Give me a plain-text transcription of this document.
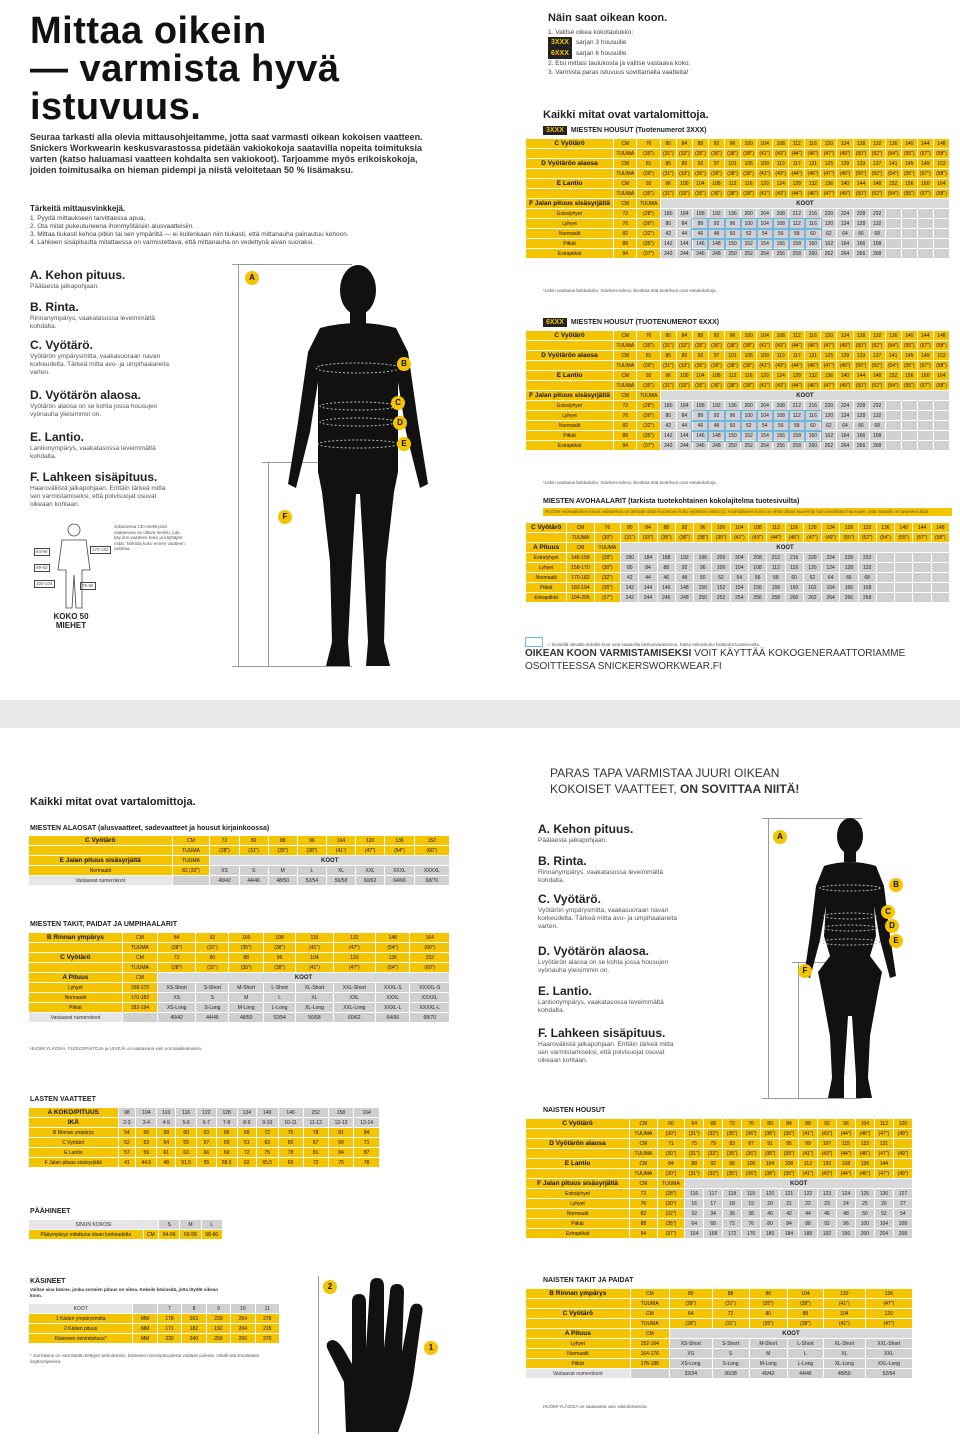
Mittaa oikein
— varmista hyvä
istuvuus.

Seuraa tarkasti alla olevia mittausohjeitamme, jotta saat varmasti oikean kokoisen vaatteen. Snickers Workwearin keskusvarastossa pidetään vakiokokoja saatavilla nopeita toimituksia varten (katso haluamasi vaatteen kohdalta sen vakiokoot). Tarjoamme myös erikoiskokoja, joiden toimitusaika on hieman pidempi ja niistä veloitetaan 50 % lisämaksu.

Tärkeitä mittausvinkkejä.
1. Pyydä mittaukseen tarvittaessa apua.
2. Ota mitat pukeutuneena ihonmyötäisiin alusvaatteisiin.
3. Mittaa tiukasti kehoa pitkin tai sen ympäriltä — ei kuitenkaan niin tiukasti, että mittanauha painautuu kehoon.
4. Lahkeen sisäpituutta mitattaessa on varmistettava, että mittanauha on vedettynä aivan suoraksi.

A. Kehon pituus.

Päälaesta jalkapohjaan.

B. Rinta.

Rinnanympärys, vaakatasossa leveimmältä kohdalta.

C. Vyötärö.

Vyötärön ympärysmitta, vaakasuoraan navan korkeudelta. Tärkeä mitta avo- ja umpihaalareita varten.

D. Vyötärön alaosa.

Vyötärön alaosa on se kohta jossa housujen vyönauha yleisimmin on.

E. Lantio.

Lantionympärys, vaakatasossa leveimmältä kohdalta.

F. Lahkeen sisäpituus.

Haaroväliistä jalkapohjaan. Erittäin tärkeä mitta sen varmistamiseksi, että polvisuojat osuvat oikeaan kohtaan.

Jokaisessa CE-merkityssä vaatteessa on oltava merkki, jota käy ilmi vaatteen koko ja käyttäjän mitat. Tarkista koko ennen vaatteen valintaa.
84-88
89-93
100-104
170-182
79-85
KOKO 50
MIEHET
A
B
C
D
E
F
Näin saat oikean koon.
1. Valitse oikea kokotaulukko:
3XXX sarjan 3 housuille
6XXX sarjan 6 housuille
2. Etsi mittasi taulukosta ja valitse vastaava koko.
3. Varmista paras istuvuus sovittamalla vaatteita!
Kaikki mitat ovat vartalomittoja.
3XXX MIESTEN HOUSUT (Tuotenumerot 3XXX)
C Vyötärö	CM	76	80	84	88	92	96	100	104	108	112	116	120	124	128	132	136	140	144	148
	TUUMA	(30")	(31")	(33")	(35")	(36")	(38")	(39")	(41")	(43")	(44")	(46")	(47")	(49")	(50")	(52")	(54")	(55")	(57")	(58")
D Vyötärön alaosa	CM	81	85	89	93	97	101	105	109	113	117	121	125	129	133	137	141	145	149	153
	TUUMA	(30")	(31")	(33")	(35")	(36")	(38")	(39")	(41")	(43")	(44")	(46")	(47")	(49")	(50")	(52")	(54")	(55")	(57")	(58")
E Lantio	CM	92	96	100	104	108	112	116	120	124	128	132	136	140	144	148	152	156	160	164
	TUUMA	(30")	(31")	(33")	(35")	(36")	(38")	(39")	(41")	(43")	(44")	(46")	(47")	(49")	(50")	(52")	(54")	(55")	(57")	(58")
F Jalan pituus sisäsyrjältä	CM	TUUMA	KOOT																	
Extralyhyet	72	(28")	180	184	188	192	196	200	204	208	212	216	220	224	228	232				
Lyhyet	76	(30")	80	84	88	92	96	100	104	108	112	116	120	124	128	132				
Normaalit	82	(32")	42	44	46	48	50	52	54	56	58	60	62	64	66	68				
Pitkät	88	(35")	142	144	146	148	150	152	154	156	158	160	162	164	166	168				
Extrapitkät	94	(37")	242	244	246	248	250	252	254	256	258	260	262	264	266	268				
*Lähin vastaava farkkukoko. Snickers tahtoo ilmoittaa että tuotekoot ovat vartalokokoja.
6XXX MIESTEN HOUSUT (TUOTENUMEROT 6XXX)
C Vyötärö	CM	76	80	84	88	92	96	100	104	108	112	116	120	124	128	132	136	140	144	148
	TUUMA	(30")	(31")	(33")	(35")	(36")	(38")	(39")	(41")	(43")	(44")	(46")	(47")	(49")	(50")	(52")	(54")	(55")	(57")	(58")
D Vyötärön alaosa	CM	81	85	89	93	97	101	105	109	113	117	121	125	129	133	137	141	145	149	153
	TUUMA	(30")	(31")	(33")	(35")	(36")	(38")	(39")	(41")	(43")	(44")	(46")	(47")	(49")	(50")	(52")	(54")	(55")	(57")	(58")
E Lantio	CM	92	96	100	104	108	112	116	120	124	128	132	136	140	144	148	152	156	160	164
	TUUMA	(30")	(31")	(33")	(35")	(36")	(38")	(39")	(41")	(43")	(44")	(46")	(47")	(49")	(50")	(52")	(54")	(55")	(57")	(58")
F Jalan pituus sisäsyrjältä	CM	TUUMA	KOOT																	
Extralyhyet	72	(28")	180	184	188	192	196	200	204	208	212	216	220	224	228	232				
Lyhyet	76	(30")	80	84	88	92	96	100	104	108	112	116	120	124	128	132				
Normaalit	82	(32")	42	44	46	48	50	52	54	56	58	60	62	64	66	68				
Pitkät	88	(35")	142	144	146	148	150	152	154	156	158	160	162	164	166	168				
Extrapitkät	94	(37")	242	244	246	248	250	252	254	256	258	260	262	264	266	268				
*Lähin vastaava farkkukoko. Snickers tahtoo ilmoittaa että tuotekoot ovat vartalokokoja.
MIESTEN AVOHAALARIT (tarkista tuotekohtainen kokolajitelma tuotesivuilta)
HUOM! Avohaalarien kokoa valittaessa on tärkeää ottaa huomioon koko vyötärön mitta (C). Avohaalarien koon on ehkä oltava suurempi kuin tavallisten housujen, jotta vatsalle on tarpeeksi tilaa.
C Vyötärö	CM	76	80	84	88	92	96	100	104	108	112	116	120	124	128	132	136	140	144	148
	TUUMA	(30")	(31")	(33")	(35")	(36")	(38")	(39")	(41")	(43")	(44")	(46")	(47")	(49")	(50")	(52")	(54")	(55")	(57")	(58")
A Pituus	CM	TUUMA	KOOT																	
Extralyhyet	146-158	(28")	180	184	188	192	196	200	204	208	212	216	220	224	228	232				
Lyhyet	158-170	(30")	80	84	88	92	96	100	104	108	112	116	120	124	128	132				
Normaalit	170-182	(32")	42	44	46	48	50	52	54	56	58	60	62	64	66	68				
Pitkät	182-194	(35")	142	144	146	148	150	152	154	156	158	160	162	164	166	168				
Extrapitkät	194-206	(37")	242	244	246	248	250	252	254	256	258	260	262	264	266	268				
= Sinisellä olevalla ardellut koot ovat saatavilla keskusvarastossa. Katso erikoiskoko lisätiedot tuotesivuilta.
OIKEAN KOON VARMISTAMISEKSI VOIT KÄYTTÄÄ KOKOGENERAATTORIAMME OSOITTEESSA SNICKERSWORKWEAR.FI
Kaikki mitat ovat vartalomittoja.
MIESTEN ALAOSAT (alusvaatteet, sadevaatteet ja housut kirjainkoossa)
C Vyötärö	CM	72	80	88	96	104	120	136	152
	TUUMA	(28")	(31")	(35")	(38")	(41")	(47")	(54")	(60")
E Jalan pituus sisäsyrjältä	TUUMA	KOOT							
Normaalit	82 (32")	XS	S	M	L	XL	XXL	XXXL	XXXXL
Vastaavat numerokoot		40/42	44/46	48/50	52/54	56/58	60/62	64/66	68/70
MIESTEN TAKIT, PAIDAT JA UMPIHAALARIT
B Rinnan ympärys	CM	84	92	100	108	116	132	148	164
	TUUMA	(28")	(31")	(35")	(38")	(41")	(47")	(54")	(60")
C Vyötärö	CM	72	80	88	96	104	120	136	152
	TUUMA	(28")	(31")	(35")	(38")	(41")	(47")	(54")	(60")
A Pituus	CM	KOOT							
Lyhyet	158-170	XS-Short	S-Short	M-Short	L-Short	XL-Short	XXL-Short	XXXL-S	XXXXL-S
Normaalit	170-182	XS	S	M	L	XL	XXL	XXXL	XXXXL
Pitkät	182-194	XS-Long	S-Long	M-Long	L-Long	XL-Long	XXL-Long	XXXL-L	XXXXL-L
Vastaavat numerokoot		40/42	44/46	48/50	52/54	56/58	60/62	64/66	68/70
HUOM! YLÄOSIA, FLEECEPAITOJA ja LIIVEJÄ on saatavana vain normaalikokoisina.
LASTEN VAATTEET
A KOKO/PITUUS	98	104	110	116	122	128	134	140	146	152	158	164
IKÄ	2-3	3-4	4-5	5-6	6-7	7-8	8-9	9-10	10-11	11-12	12-13	13-14
B Rinnan ympärys	54	56	58	60	63	66	69	72	75	78	81	84
C Vyötärö	52	53	54	55	57	59	61	63	65	67	69	71
E Lantio	57	59	61	63	66	69	72	75	78	81	84	87
F Jalan pituus sisäsyrjältä	41	44.5	48	51.5	55	58.5	62	65.5	69	72	75	78
PÄÄHINEET
SINUN KOKOSI		S	M	L
Pääympärys mitattuna otsan korkeudelta	CM	54-56	56-58	58-60
KÄSINEET
Valitse aina käsine, jonka sormien pituus on oikea. Kokeile käsineitä, jotta löydät oikean koon.
KOOT		7	8	9	10	11
1 Käden ympärysmitta	MM	178	203	229	254	279
2 Käden pituus	MM	171	182	192	204	215
Käsineen minimipituus*	MM	230	240	250	260	270
* Jos käsine on varmistettu tiettyjen tarkoituksiin, käsineen minimipituudesta voidaan poiketa, mikäli sitä ilmoitetaan käyttöohjeessa.
2
1
PARAS TAPA VARMISTAA JUURI OIKEAN
KOKOISET VAATTEET, ON SOVITTAA NIITÄ!

A. Kehon pituus.

Päälaesta jalkapohjaan.

B. Rinta.

Rinnanympärys, vaakatasossa leveimmältä kohdalta.

C. Vyötärö.

Vyötärön ympärysmitta, vaakasuoraan navan korkeudelta. Tärkeä mitta avo- ja umpihaalareita varten.

D. Vyötärön alaosa.

Lvyötärön alaosa on se kohta jossa housujen vyönauha yleisimmin on.

E. Lantio.

Lantionympärys, vaakatasossa leveimmältä kohdalta.

F. Lahkeen sisäpituus.

Haaroväliistä jalkapohjaan. Erittäin tärkeä mitta sen varmistamiseksi, että polvisuojat osuvat oikeaan kohtaan.

A
B
C
D
E
F
NAISTEN HOUSUT
C Vyötärö	CM	60	64	68	72	76	80	84	88	92	96	104	112	120
	TUUMA	(30")	(31")	(33")	(35")	(36")	(38")	(39")	(41")	(43")	(44")	(46")	(47")	(49")
D Vyötärön alaosa	CM	71	75	79	83	87	91	95	99	107	115	123	131	
	TUUMA	(30")	(31")	(33")	(35")	(36")	(38")	(39")	(41")	(43")	(44")	(46")	(47")	(49")
E Lantio	CM	84	88	92	96	100	104	108	112	120	128	136	144	
	TUUMA	(30")	(31")	(33")	(35")	(36")	(38")	(39")	(41")	(43")	(44")	(46")	(47")	(49")
F Jalan pituus sisäsyrjältä	CM	TUUMA	KOOT											
Extralyhyet	72	(28")	116	117	118	119	120	121	122	123	124	125	126	127
Lyhyet	76	(30")	16	17	18	19	20	21	22	23	24	25	26	27
Normaalit	82	(32")	32	34	36	38	40	42	44	46	48	50	52	54
Pitkät	88	(35")	64	68	72	76	80	84	88	92	96	100	104	108
Extrapitkät	94	(37")	164	168	172	176	180	184	188	192	196	200	204	208
NAISTEN TAKIT JA PAIDAT
B Rinnan ympärys	CM	80	88	96	104	120	136
	TUUMA	(28")	(31")	(35")	(38")	(41")	(47")
C Vyötärö	CM	64	72	80	88	104	120
	TUUMA	(28")	(31")	(35")	(38")	(41")	(47")
A Pituus	CM	KOOT					
Lyhyet	152-164	XS-Short	S-Short	M-Short	L-Short	XL-Short	XXL-Short
Normaalit	164-176	XS	S	M	L	XL	XXL
Pitkät	176-188	XS-Long	S-Long	M-Long	L-Long	XL-Long	XXL-Long
Vastaavat numerokoot		32/34	36/38	40/42	44/46	48/50	52/54
HUOM! YLÄOSIA on saatavana vain vakiokokoisina.
